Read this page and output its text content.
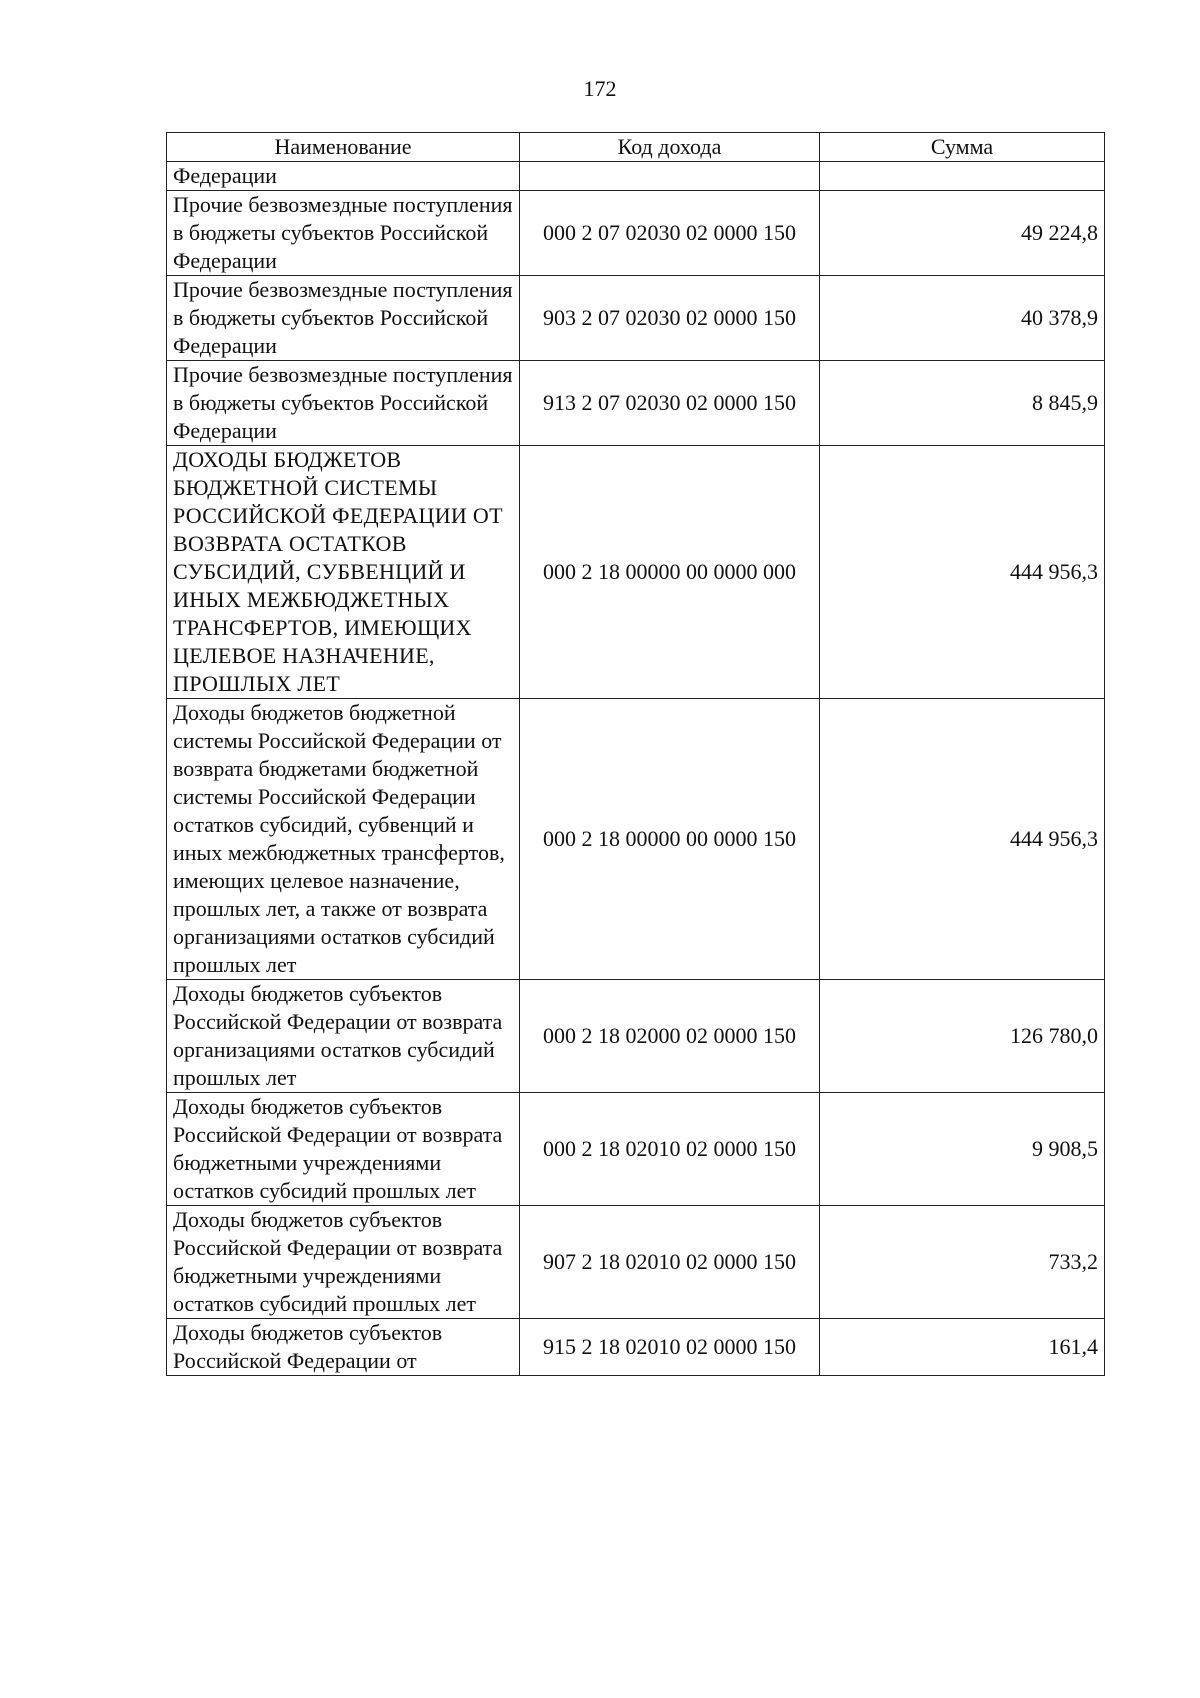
172
Наименование	Код дохода	Сумма
Федерации		
Прочие безвозмездные поступления в бюджеты субъектов Российской Федерации	000 2 07 02030 02 0000 150	49 224,8
Прочие безвозмездные поступления в бюджеты субъектов Российской Федерации	903 2 07 02030 02 0000 150	40 378,9
Прочие безвозмездные поступления в бюджеты субъектов Российской Федерации	913 2 07 02030 02 0000 150	8 845,9
ДОХОДЫ БЮДЖЕТОВ БЮДЖЕТНОЙ СИСТЕМЫ РОССИЙСКОЙ ФЕДЕРАЦИИ ОТ ВОЗВРАТА ОСТАТКОВ СУБСИДИЙ, СУБВЕНЦИЙ И ИНЫХ МЕЖБЮДЖЕТНЫХ ТРАНСФЕРТОВ, ИМЕЮЩИХ ЦЕЛЕВОЕ НАЗНАЧЕНИЕ, ПРОШЛЫХ ЛЕТ	000 2 18 00000 00 0000 000	444 956,3
Доходы бюджетов бюджетной системы Российской Федерации от возврата бюджетами бюджетной системы Российской Федерации остатков субсидий, субвенций и иных межбюджетных трансфертов, имеющих целевое назначение, прошлых лет, а также от возврата организациями остатков субсидий прошлых лет	000 2 18 00000 00 0000 150	444 956,3
Доходы бюджетов субъектов Российской Федерации от возврата организациями остатков субсидий прошлых лет	000 2 18 02000 02 0000 150	126 780,0
Доходы бюджетов субъектов Российской Федерации от возврата бюджетными учреждениями остатков субсидий прошлых лет	000 2 18 02010 02 0000 150	9 908,5
Доходы бюджетов субъектов Российской Федерации от возврата бюджетными учреждениями остатков субсидий прошлых лет	907 2 18 02010 02 0000 150	733,2
Доходы бюджетов субъектов Российской Федерации от	915 2 18 02010 02 0000 150	161,4
